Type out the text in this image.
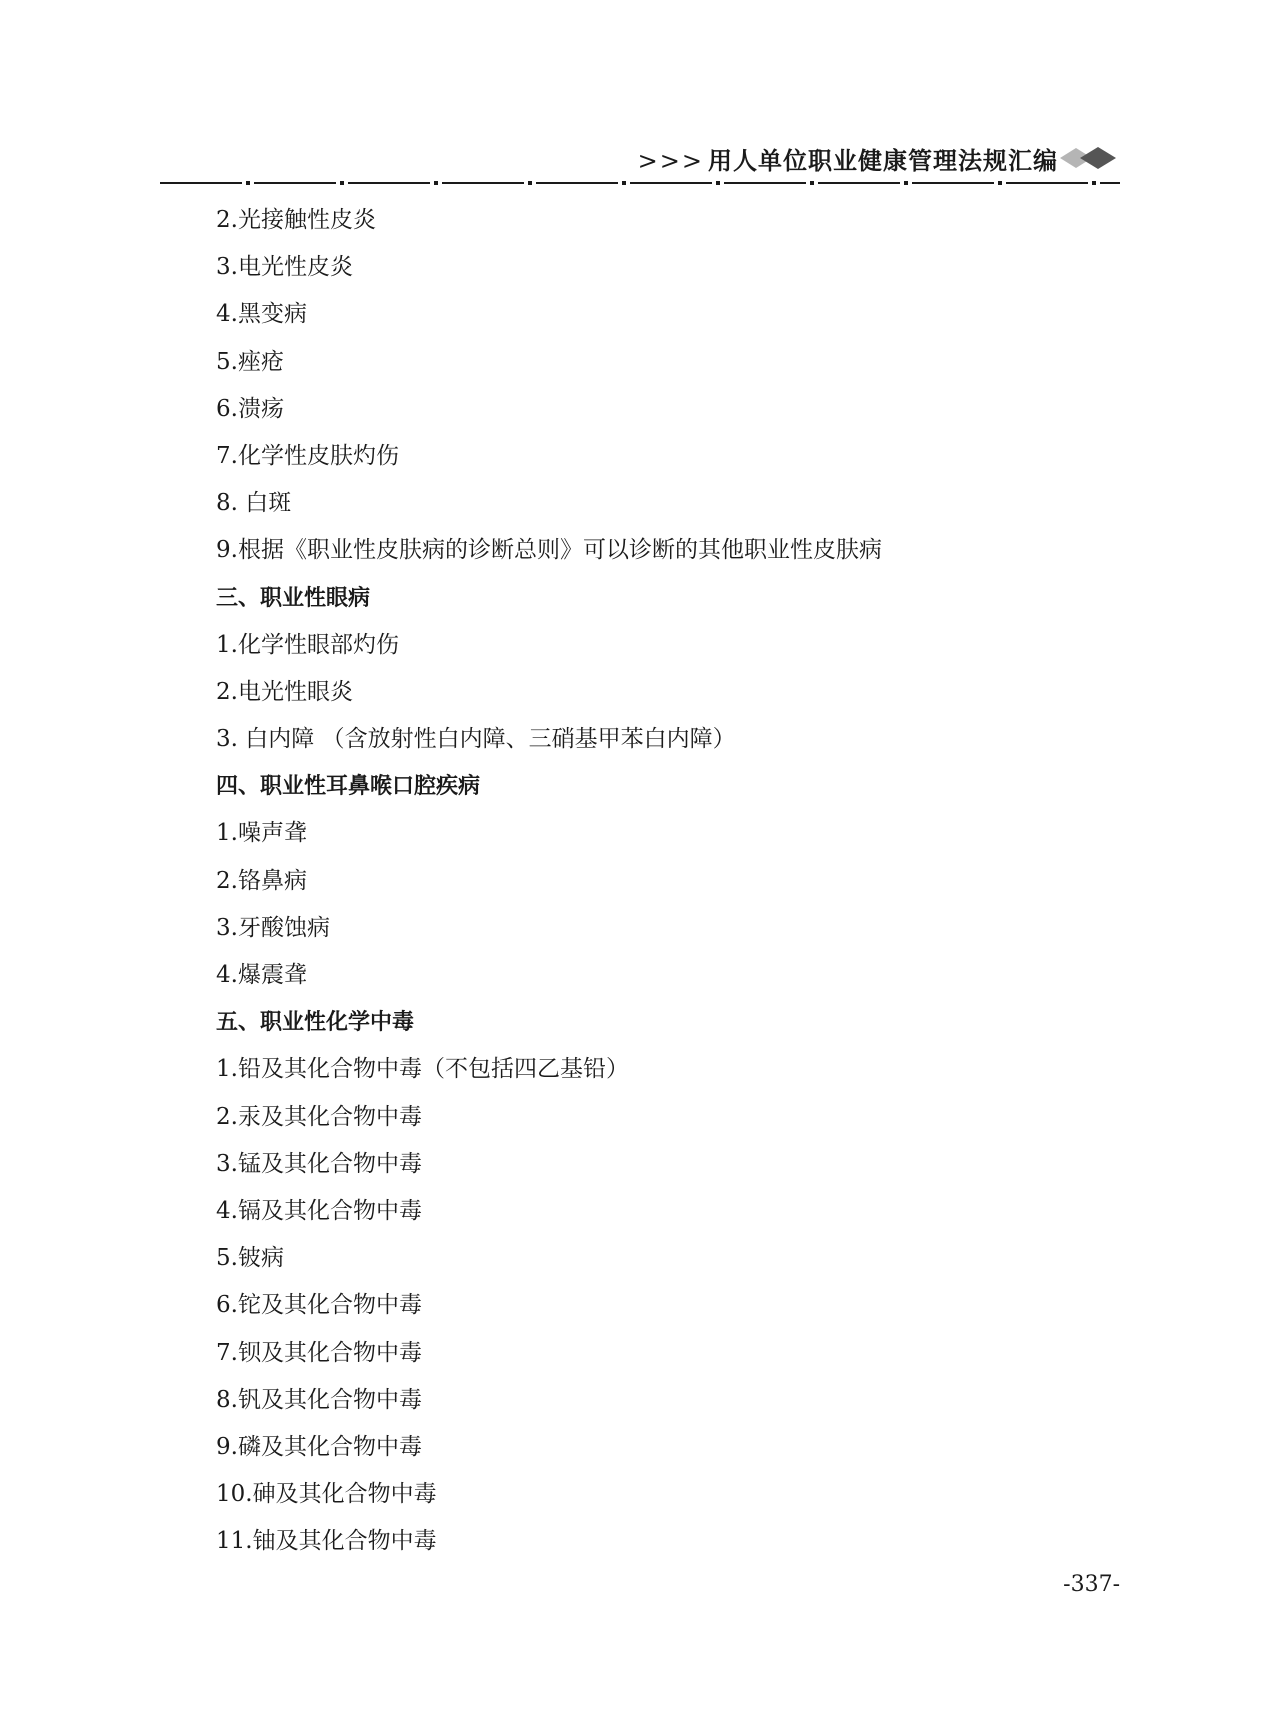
>>> 用人单位职业健康管理法规汇编
2.光接触性皮炎
3.电光性皮炎
4.黑变病
5.痤疮
6.溃疡
7.化学性皮肤灼伤
8. 白斑
9.根据《职业性皮肤病的诊断总则》可以诊断的其他职业性皮肤病
三、职业性眼病
1.化学性眼部灼伤
2.电光性眼炎
3. 白内障 （含放射性白内障、三硝基甲苯白内障）
四、职业性耳鼻喉口腔疾病
1.噪声聋
2.铬鼻病
3.牙酸蚀病
4.爆震聋
五、职业性化学中毒
1.铅及其化合物中毒（不包括四乙基铅）
2.汞及其化合物中毒
3.锰及其化合物中毒
4.镉及其化合物中毒
5.铍病
6.铊及其化合物中毒
7.钡及其化合物中毒
8.钒及其化合物中毒
9.磷及其化合物中毒
10.砷及其化合物中毒
11.铀及其化合物中毒
-337-
